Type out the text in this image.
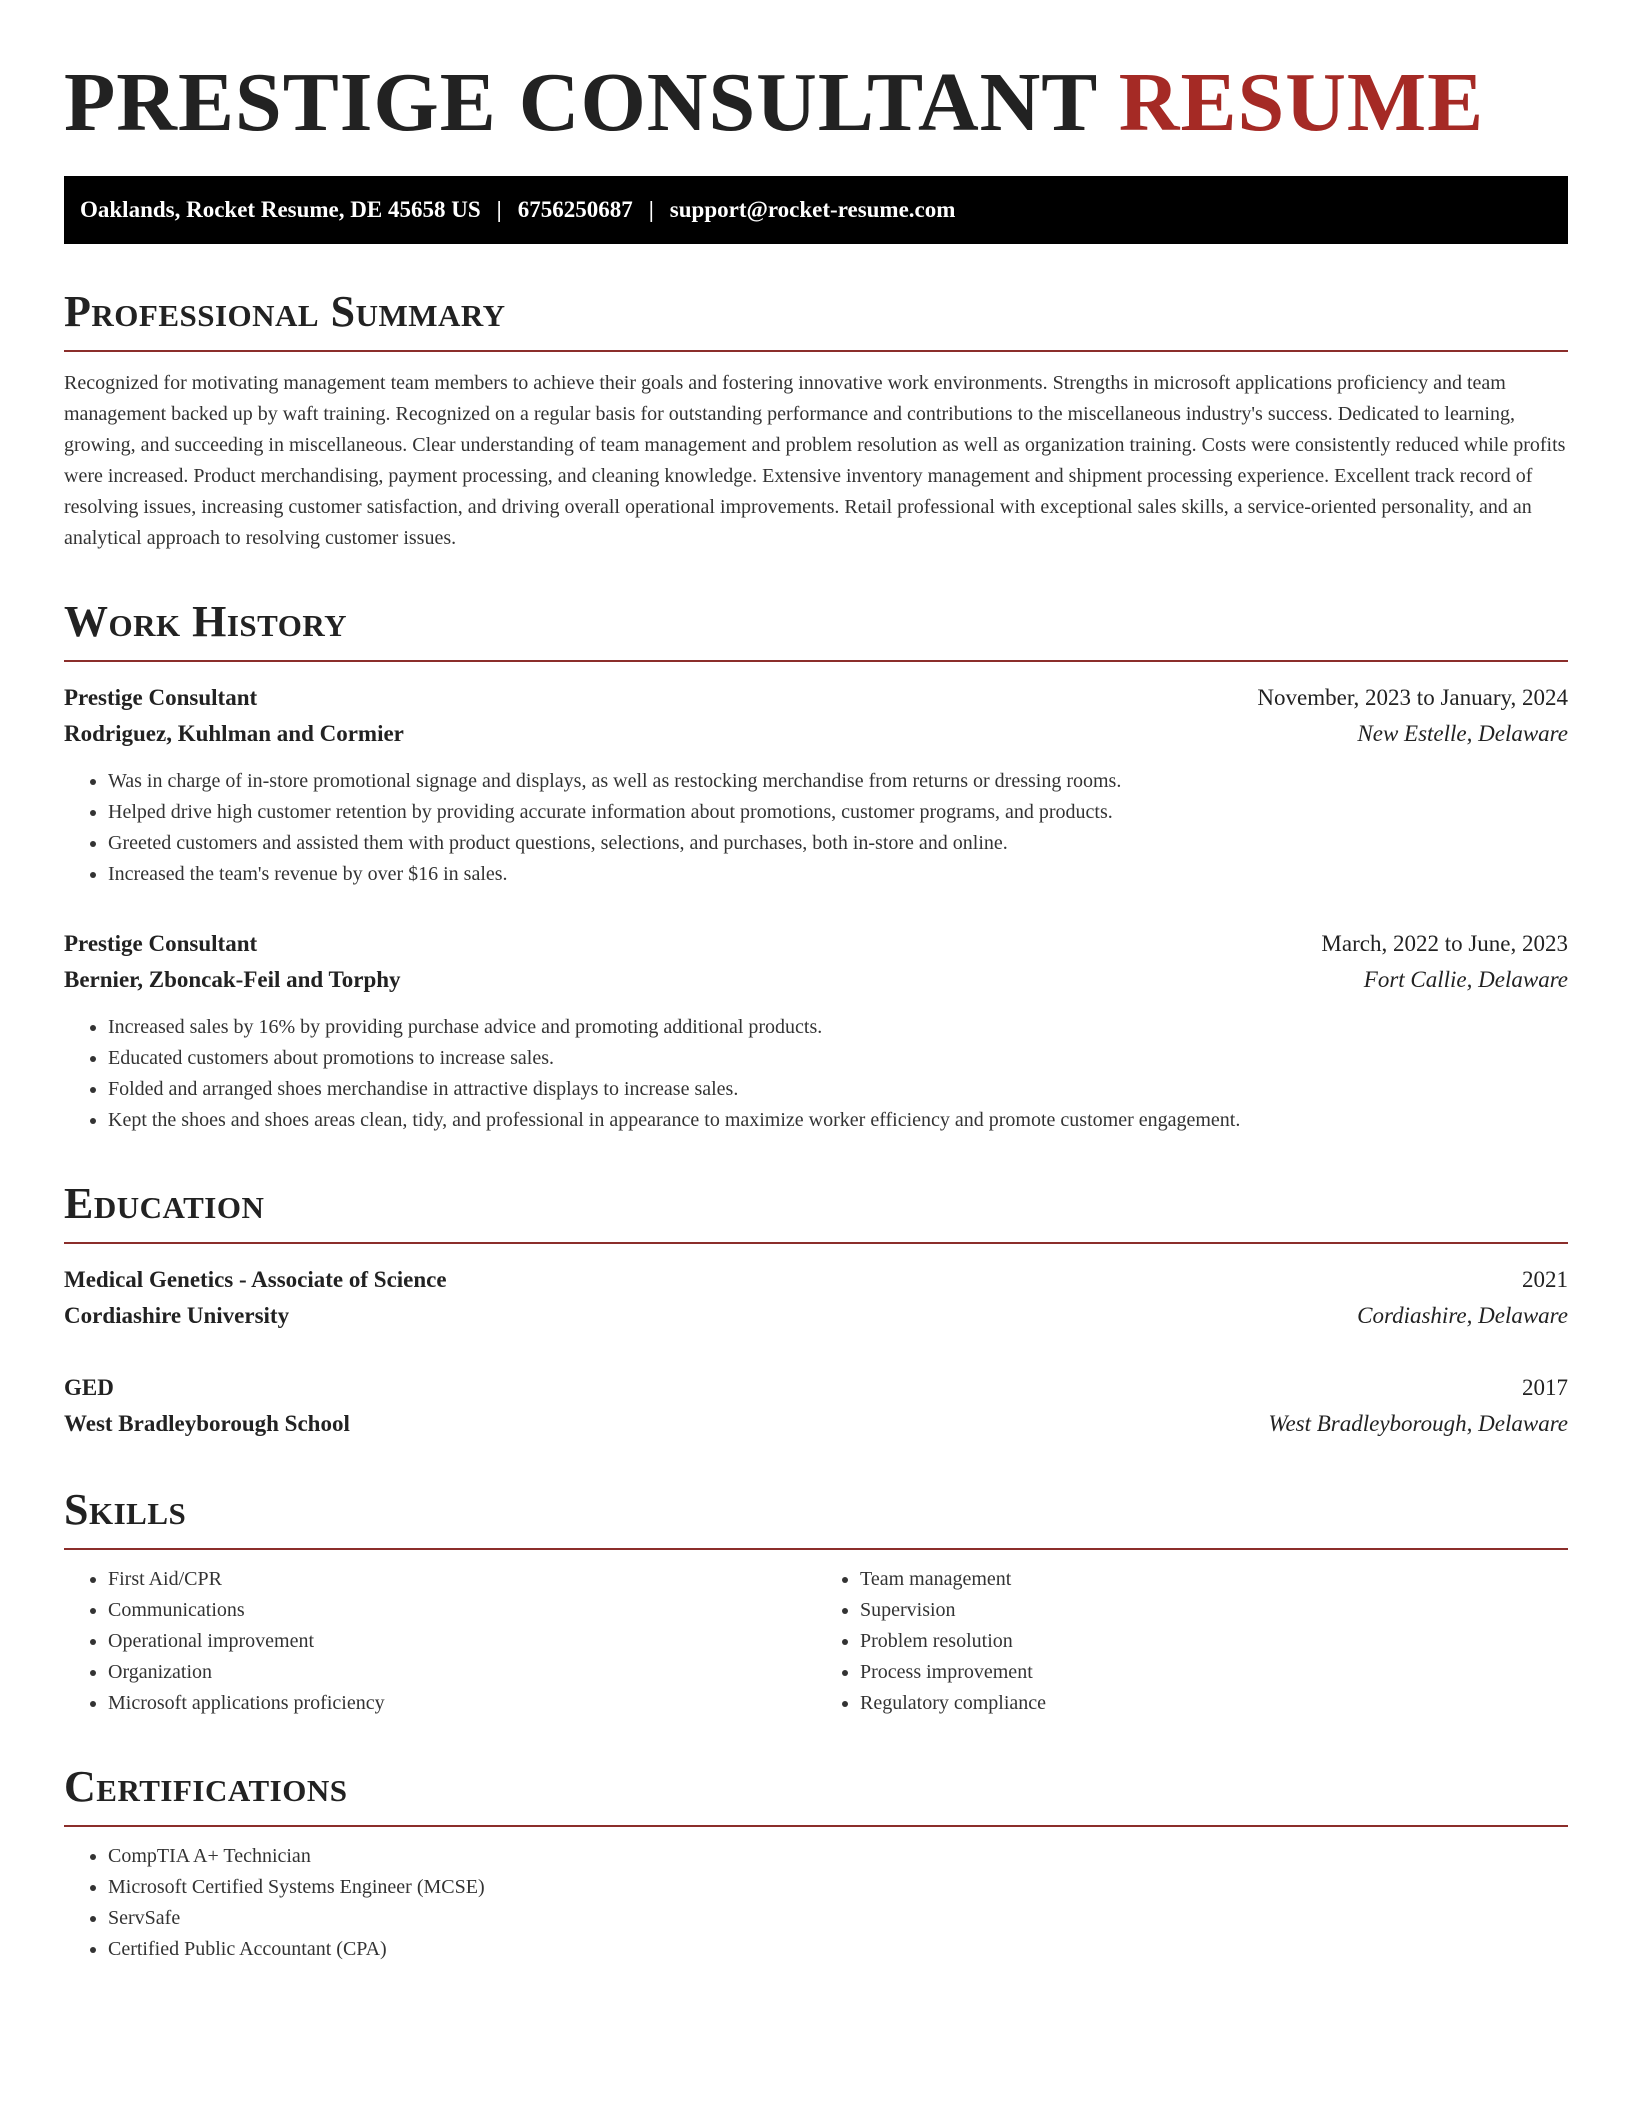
PRESTIGE CONSULTANT RESUME
Oaklands, Rocket Resume, DE 45658 US | 6756250687 | support@rocket-resume.com
Professional Summary

Recognized for motivating management team members to achieve their goals and fostering innovative work environments. Strengths in microsoft applications proficiency and team management backed up by waft training. Recognized on a regular basis for outstanding performance and contributions to the miscellaneous industry's success. Dedicated to learning, growing, and succeeding in miscellaneous. Clear understanding of team management and problem resolution as well as organization training. Costs were consistently reduced while profits were increased. Product merchandising, payment processing, and cleaning knowledge. Extensive inventory management and shipment processing experience. Excellent track record of resolving issues, increasing customer satisfaction, and driving overall operational improvements. Retail professional with exceptional sales skills, a service-oriented personality, and an analytical approach to resolving customer issues.

Work History
Prestige Consultant	November, 2023 to January, 2024
Rodriguez, Kuhlman and Cormier	New Estelle, Delaware
• Was in charge of in-store promotional signage and displays, as well as restocking merchandise from returns or dressing rooms.
• Helped drive high customer retention by providing accurate information about promotions, customer programs, and products.
• Greeted customers and assisted them with product questions, selections, and purchases, both in-store and online.
• Increased the team's revenue by over $16 in sales.
Prestige Consultant	March, 2022 to June, 2023
Bernier, Zboncak-Feil and Torphy	Fort Callie, Delaware
• Increased sales by 16% by providing purchase advice and promoting additional products.
• Educated customers about promotions to increase sales.
• Folded and arranged shoes merchandise in attractive displays to increase sales.
• Kept the shoes and shoes areas clean, tidy, and professional in appearance to maximize worker efficiency and promote customer engagement.
Education
Medical Genetics - Associate of Science	2021
Cordiashire University	Cordiashire, Delaware
GED	2017
West Bradleyborough School	West Bradleyborough, Delaware
Skills
• First Aid/CPR
• Communications
• Operational improvement
• Organization
• Microsoft applications proficiency
• Team management
• Supervision
• Problem resolution
• Process improvement
• Regulatory compliance
Certifications
• CompTIA A+ Technician
• Microsoft Certified Systems Engineer (MCSE)
• ServSafe
• Certified Public Accountant (CPA)
